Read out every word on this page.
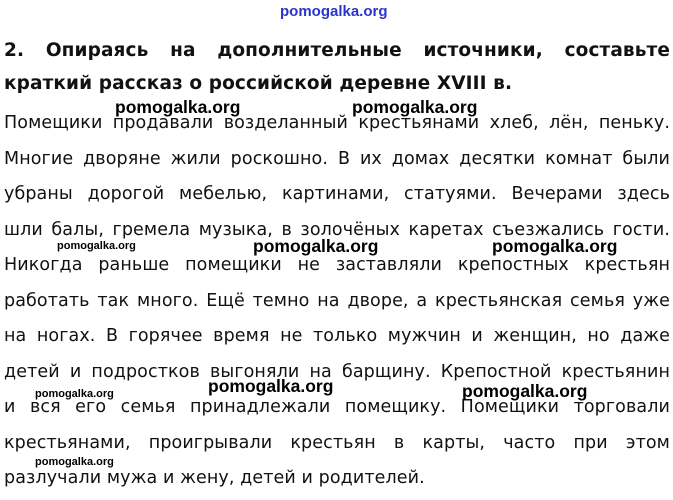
2. Опираясь на дополнительные источники, составьте
краткий рассказ о российской деревне XVIII в.
Помещики продавали возделанный крестьянами хлеб, лён, пеньку.
Многие дворяне жили роскошно. В их домах десятки комнат были
убраны дорогой мебелью, картинами, статуями. Вечерами здесь
шли балы, гремела музыка, в золочёных каретах съезжались гости.
Никогда раньше помещики не заставляли крепостных крестьян
работать так много. Ещё темно на дворе, а крестьянская семья уже
на ногах. В горячее время не только мужчин и женщин, но даже
детей и подростков выгоняли на барщину. Крепостной крестьянин
и вся его семья принадлежали помещику. Помещики торговали
крестьянами, проигрывали крестьян в карты, часто при этом
разлучали мужа и жену, детей и родителей.
pomogalka.org
pomogalka.org	pomogalka.org
pomogalka.org	pomogalka.org	pomogalka.org
pomogalka.org	pomogalka.org	pomogalka.org
pomogalka.org
